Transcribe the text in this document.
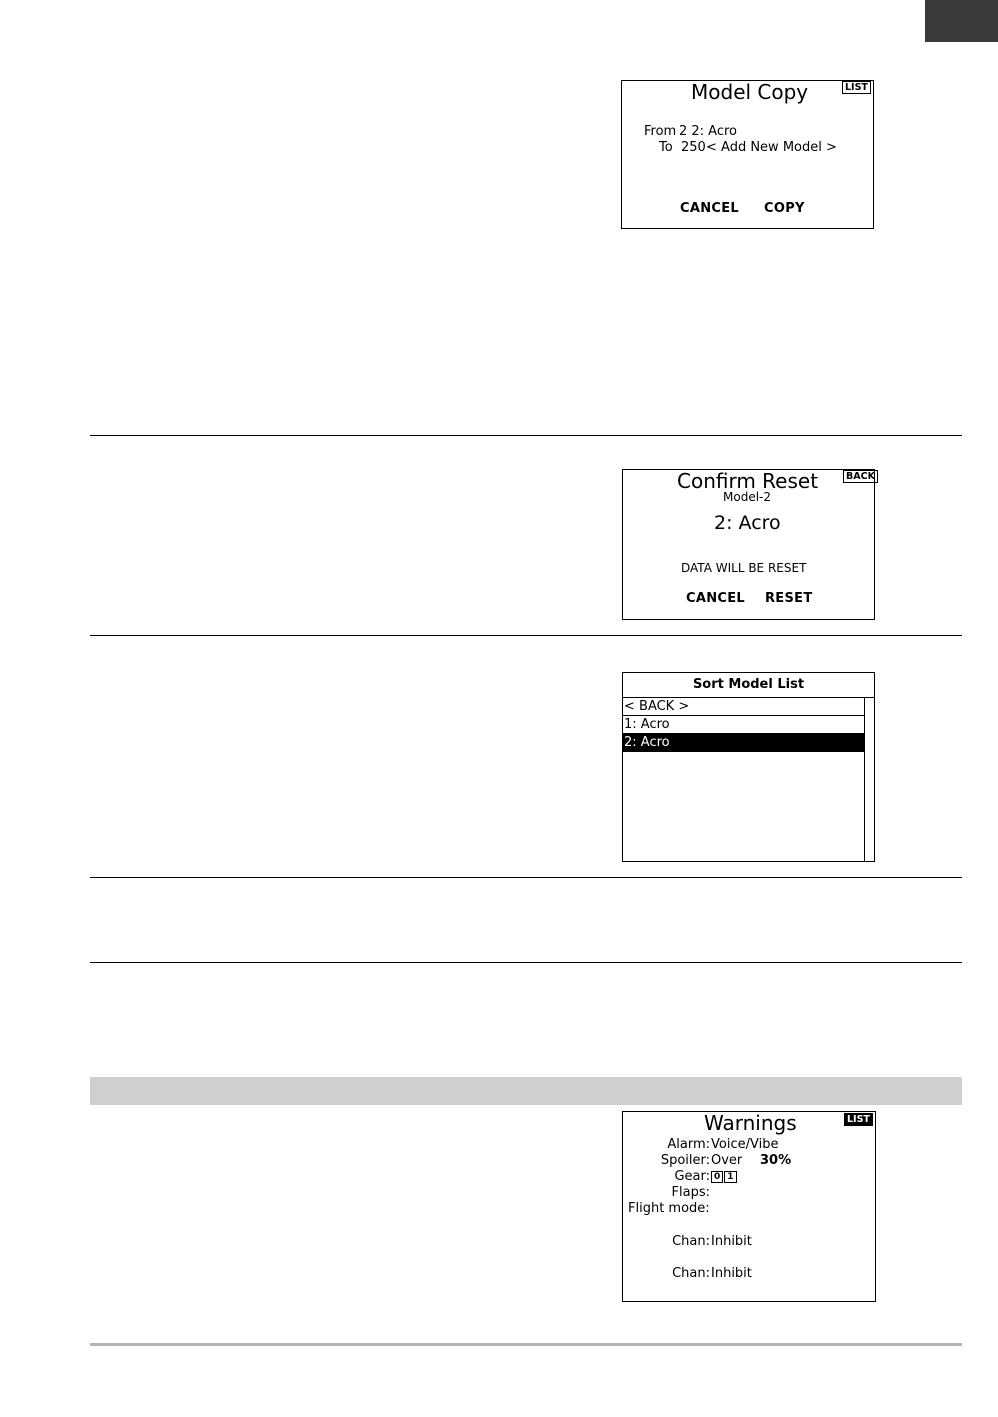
Model Copy	LIST
From 2 2: Acro
To 250 < Add New Model >
CANCEL COPY
Confirm Reset	BACK
Model-2
2: Acro
DATA WILL BE RESET
CANCEL RESET
Sort Model List
< BACK >
1: Acro
2: Acro
Warnings	LIST
Alarm: Voice/Vibe
Spoiler: Over 30%
Gear: 0 1
Flaps:
Flight mode:
Chan: Inhibit
Chan: Inhibit
